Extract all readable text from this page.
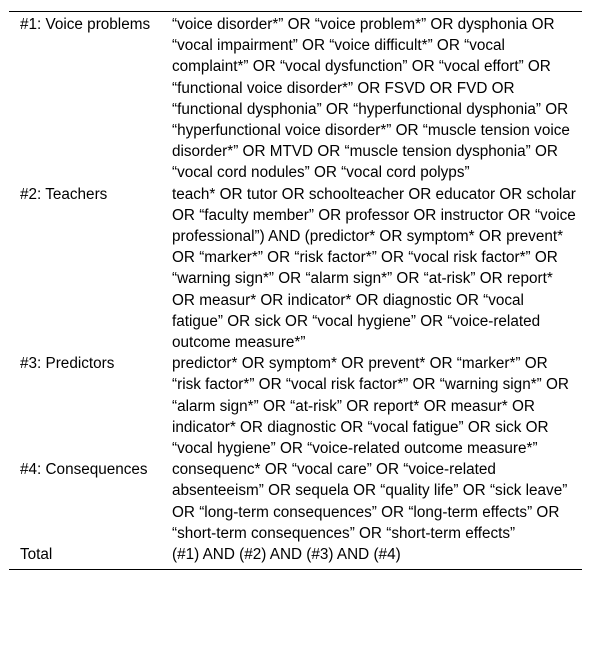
#1: Voice problems	“voice disorder*” OR “voice problem*” OR dysphonia OR “vocal impairment” OR “voice difficult*” OR “vocal complaint*” OR “vocal dysfunction” OR “vocal effort” OR “functional voice disorder*” OR FSVD OR FVD OR “functional dysphonia” OR “hyperfunctional dysphonia” OR “hyperfunctional voice disorder*” OR “muscle tension voice disorder*” OR MTVD OR “muscle tension dysphonia” OR “vocal cord nodules” OR “vocal cord polyps”
#2: Teachers	teach* OR tutor OR schoolteacher OR educator OR scholar OR “faculty member” OR professor OR instructor OR “voice professional”) AND (predictor* OR symptom* OR prevent* OR “marker*” OR “risk factor*” OR “vocal risk factor*” OR “warning sign*” OR “alarm sign*” OR “at-risk” OR report* OR measur* OR indicator* OR diagnostic OR “vocal fatigue” OR sick OR “vocal hygiene” OR “voice-related outcome measure*”
#3: Predictors	predictor* OR symptom* OR prevent* OR “marker*” OR “risk factor*” OR “vocal risk factor*” OR “warning sign*” OR “alarm sign*” OR “at-risk” OR report* OR measur* OR indicator* OR diagnostic OR “vocal fatigue” OR sick OR “vocal hygiene” OR “voice-related outcome measure*”
#4: Consequences	consequenc* OR “vocal care” OR “voice-related absenteeism” OR sequela OR “quality life” OR “sick leave” OR “long-term consequences” OR “long-term effects” OR “short-term consequences” OR “short-term effects”
Total	(#1) AND (#2) AND (#3) AND (#4)
